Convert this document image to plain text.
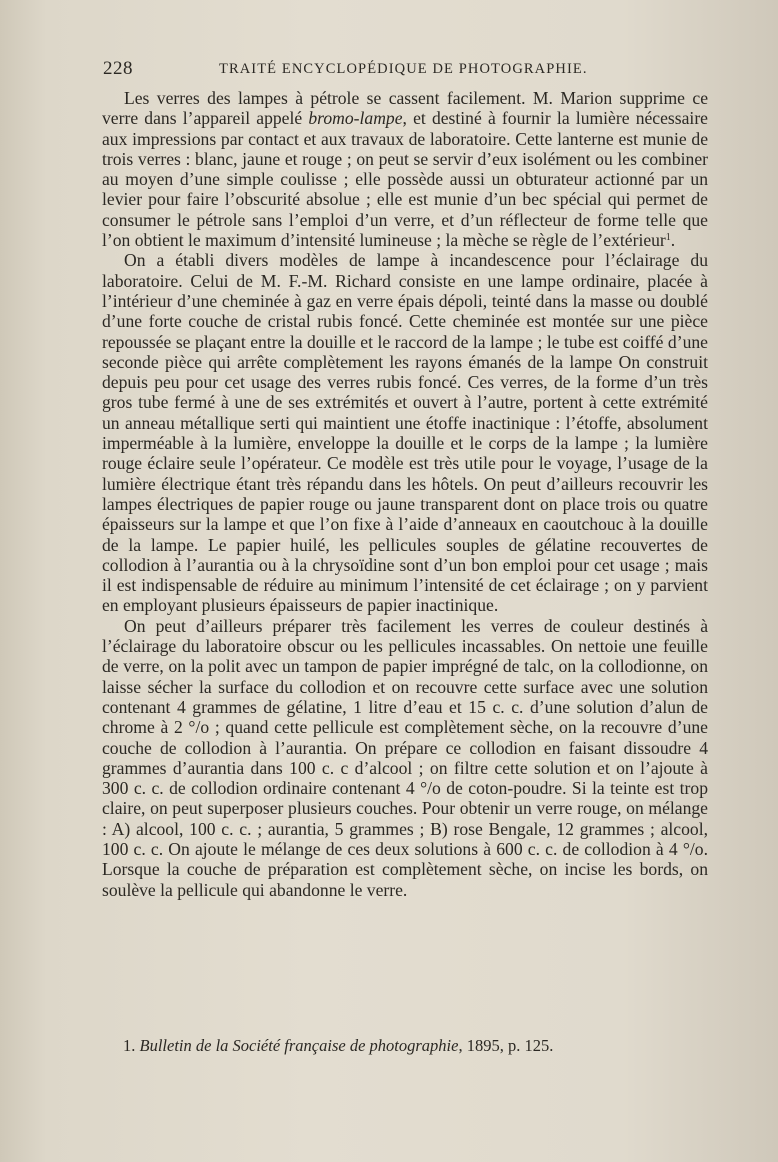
228	TRAITÉ ENCYCLOPÉDIQUE DE PHOTOGRAPHIE.

Les verres des lampes à pétrole se cassent facilement. M. Marion supprime ce verre dans l’appareil appelé bromo-lampe, et destiné à fournir la lumière nécessaire aux impressions par contact et aux travaux de laboratoire. Cette lanterne est munie de trois verres : blanc, jaune et rouge ; on peut se servir d’eux isolément ou les combiner au moyen d’une simple coulisse ; elle possède aussi un obturateur actionné par un levier pour faire l’obscurité absolue ; elle est munie d’un bec spécial qui permet de consumer le pétrole sans l’emploi d’un verre, et d’un réflecteur de forme telle que l’on obtient le maximum d’intensité lumineuse ; la mèche se règle de l’extérieur$^1$.

On a établi divers modèles de lampe à incandescence pour l’éclairage du laboratoire. Celui de M. F.-M. Richard consiste en une lampe ordinaire, placée à l’intérieur d’une cheminée à gaz en verre épais dépoli, teinté dans la masse ou doublé d’une forte couche de cristal rubis foncé. Cette cheminée est montée sur une pièce repoussée se plaçant entre la douille et le raccord de la lampe ; le tube est coiffé d’une seconde pièce qui arrête complètement les rayons émanés de la lampe On construit depuis peu pour cet usage des verres rubis foncé. Ces verres, de la forme d’un très gros tube fermé à une de ses extrémités et ouvert à l’autre, portent à cette extrémité un anneau métallique serti qui maintient une étoffe inactinique : l’étoffe, absolument imperméable à la lumière, enveloppe la douille et le corps de la lampe ; la lumière rouge éclaire seule l’opérateur. Ce modèle est très utile pour le voyage, l’usage de la lumière électrique étant très répandu dans les hôtels. On peut d’ailleurs recouvrir les lampes électriques de papier rouge ou jaune transparent dont on place trois ou quatre épaisseurs sur la lampe et que l’on fixe à l’aide d’anneaux en caoutchouc à la douille de la lampe. Le papier huilé, les pellicules souples de gélatine recouvertes de collodion à l’aurantia ou à la chrysoïdine sont d’un bon emploi pour cet usage ; mais il est indispensable de réduire au minimum l’intensité de cet éclairage ; on y parvient en employant plusieurs épaisseurs de papier inactinique.

On peut d’ailleurs préparer très facilement les verres de couleur destinés à l’éclairage du laboratoire obscur ou les pellicules incassables. On nettoie une feuille de verre, on la polit avec un tampon de papier imprégné de talc, on la collodionne, on laisse sécher la surface du collodion et on recouvre cette surface avec une solution contenant 4 grammes de gélatine, 1 litre d’eau et 15 c. c. d’une solution d’alun de chrome à 2 °/o ; quand cette pellicule est complètement sèche, on la recouvre d’une couche de collodion à l’aurantia. On prépare ce collodion en faisant dissoudre 4 grammes d’aurantia dans 100 c. c d’alcool ; on filtre cette solution et on l’ajoute à 300 c. c. de collodion ordinaire contenant 4 °/o de coton-poudre. Si la teinte est trop claire, on peut superposer plusieurs couches. Pour obtenir un verre rouge, on mélange : A) alcool, 100 c. c. ; aurantia, 5 grammes ; B) rose Bengale, 12 grammes ; alcool, 100 c. c. On ajoute le mélange de ces deux solutions à 600 c. c. de collodion à 4 °/o. Lorsque la couche de préparation est complètement sèche, on incise les bords, on soulève la pellicule qui abandonne le verre.

1. Bulletin de la Société française de photographie, 1895, p. 125.
